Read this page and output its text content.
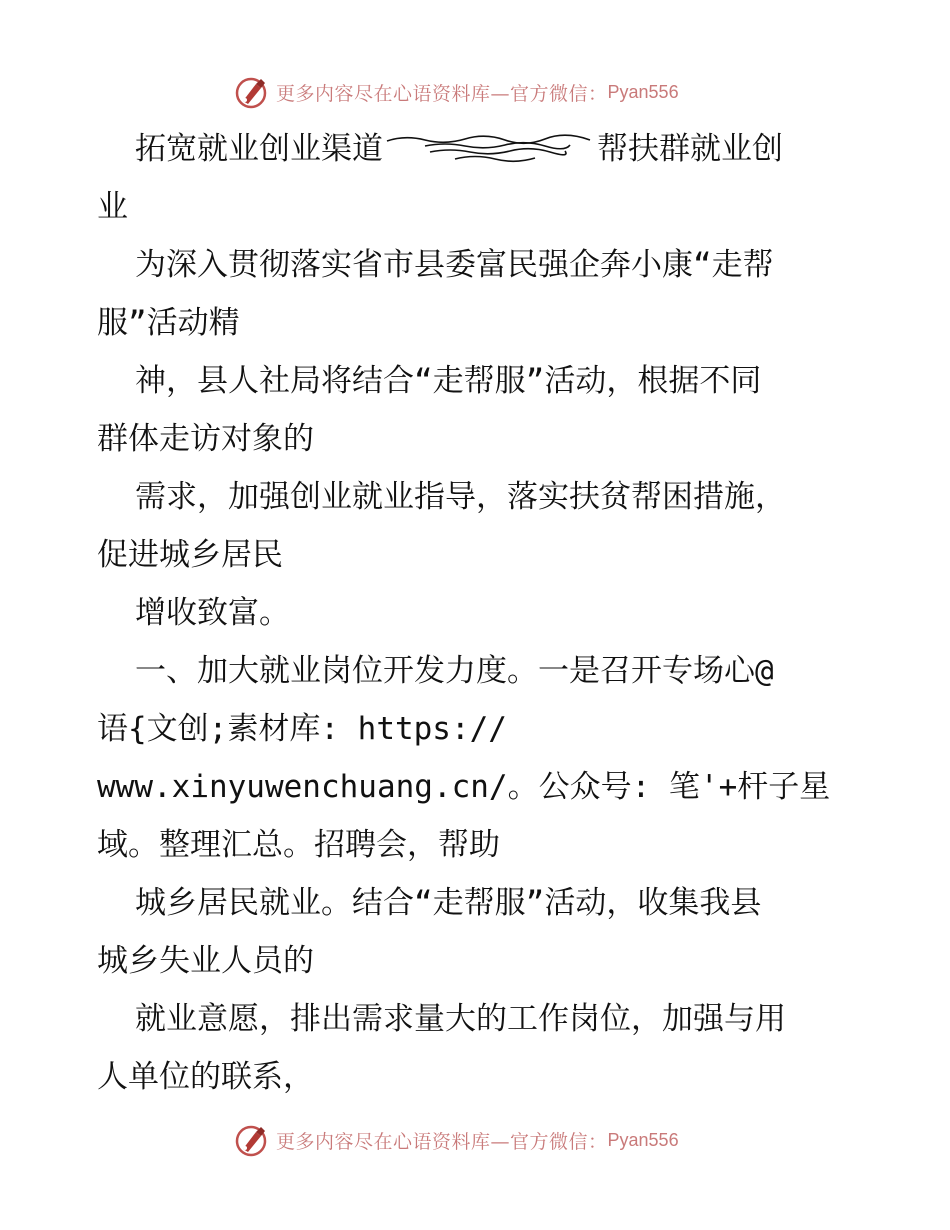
更多内容尽在心语资料库—官方微信： Pyan556
拓宽就业创业渠道	帮扶群就业创
业
为深入贯彻落实省市县委富民强企奔小康“走帮
服”活动精
神，县人社局将结合“走帮服”活动，根据不同
群体走访对象的
需求，加强创业就业指导，落实扶贫帮困措施，
促进城乡居民
增收致富。
一、加大就业岗位开发力度。一是召开专场心@
语{文创;素材库: https://
www.xinyuwenchuang.cn/。公众号: 笔'+杆子星
域。整理汇总。招聘会，帮助
城乡居民就业。结合“走帮服”活动，收集我县
城乡失业人员的
就业意愿，排出需求量大的工作岗位，加强与用
人单位的联系，
更多内容尽在心语资料库—官方微信： Pyan556
